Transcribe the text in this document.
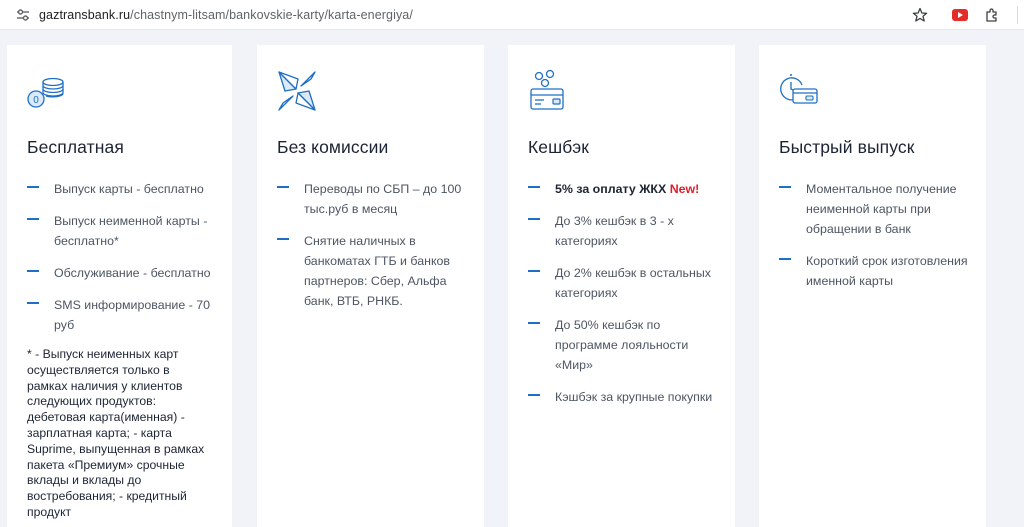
gaztransbank.ru/chastnym-litsam/bankovskie-karty/karta-energiya/
0
Бесплатная
Выпуск карты - бесплатно
Выпуск неименной карты - бесплатно*
Обслуживание - бесплатно
SMS информирование - 70 руб
* - Выпуск неименных карт осуществляется только в рамках наличия у клиентов следующих продуктов: дебетовая карта(именная) - зарплатная карта; - карта Suprime, выпущенная в рамках пакета «Премиум» срочные вклады и вклады до востребования; - кредитный продукт
Без комиссии
Переводы по СБП – до 100 тыс.руб в месяц
Снятие наличных в банкоматах ГТБ и банков партнеров: Сбер, Альфа банк, ВТБ, РНКБ.
Кешбэк
5% за оплату ЖКХ New!
До 3% кешбэк в 3 - х категориях
До 2% кешбэк в остальных категориях
До 50% кешбэк по программе лояльности «Мир»
Кэшбэк за крупные покупки
Быстрый выпуск
Моментальное получение неименной карты при обращении в банк
Короткий срок изготовления именной карты
